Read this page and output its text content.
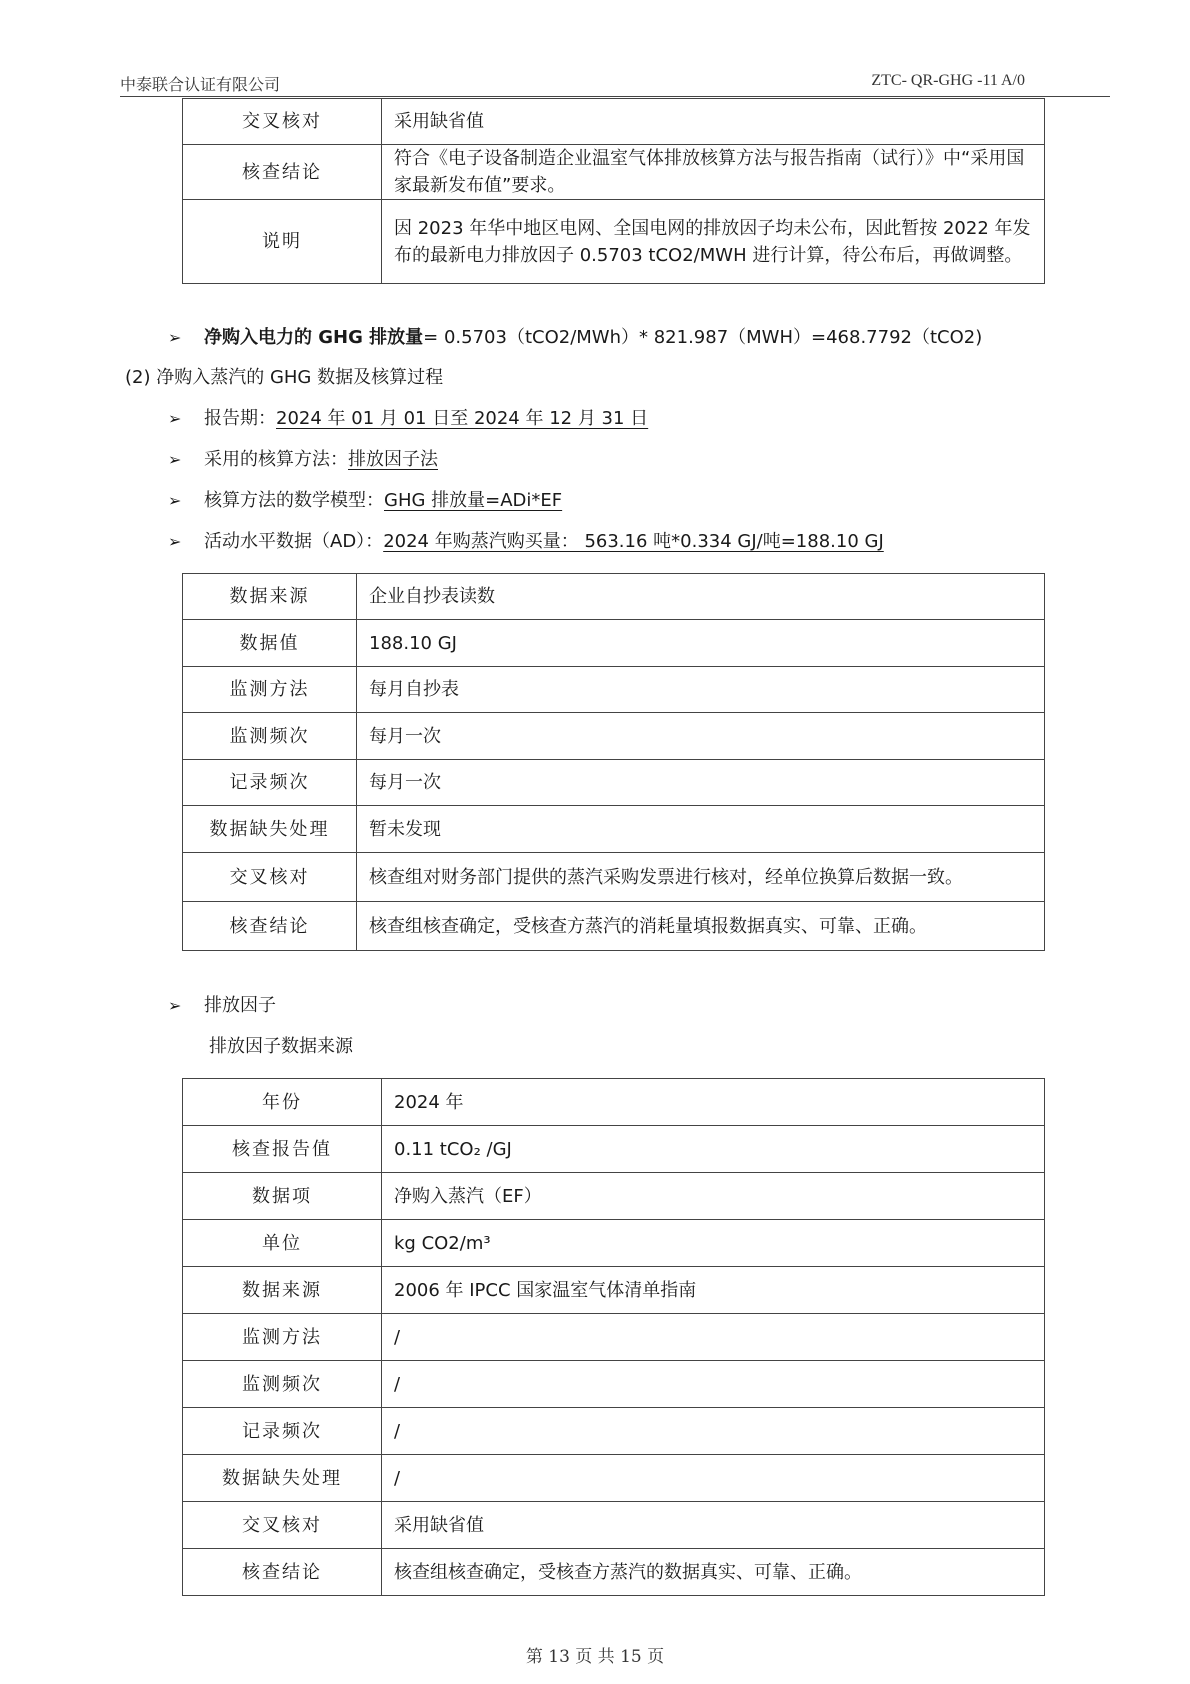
中泰联合认证有限公司	ZTC- QR-GHG -11 A/0
交叉核对	采用缺省值
核查结论	符合《电子设备制造企业温室气体排放核算方法与报告指南（试行）》中“采用国家最新发布值”要求。
说明	因 2023 年华中地区电网、全国电网的排放因子均未公布，因此暂按 2022 年发布的最新电力排放因子 0.5703 tCO2/MWH 进行计算，待公布后，再做调整。
➢ 净购入电力的 GHG 排放量= 0.5703（tCO2/MWh）* 821.987（MWH）=468.7792（tCO2)
(2) 净购入蒸汽的 GHG 数据及核算过程
➢ 报告期：2024 年 01 月 01 日至 2024 年 12 月 31 日
➢ 采用的核算方法：排放因子法
➢ 核算方法的数学模型：GHG 排放量=ADi*EF
➢ 活动水平数据（AD）：2024 年购蒸汽购买量： 563.16 吨*0.334 GJ/吨=188.10 GJ
数据来源	企业自抄表读数
数据值	188.10 GJ
监测方法	每月自抄表
监测频次	每月一次
记录频次	每月一次
数据缺失处理	暂未发现
交叉核对	核查组对财务部门提供的蒸汽采购发票进行核对，经单位换算后数据一致。
核查结论	核查组核查确定，受核查方蒸汽的消耗量填报数据真实、可靠、正确。
➢ 排放因子
排放因子数据来源
年份	2024 年
核查报告值	0.11 tCO₂ /GJ
数据项	净购入蒸汽（EF）
单位	kg CO2/m³
数据来源	2006 年 IPCC 国家温室气体清单指南
监测方法	/
监测频次	/
记录频次	/
数据缺失处理	/
交叉核对	采用缺省值
核查结论	核查组核查确定，受核查方蒸汽的数据真实、可靠、正确。
第 13 页 共 15 页
